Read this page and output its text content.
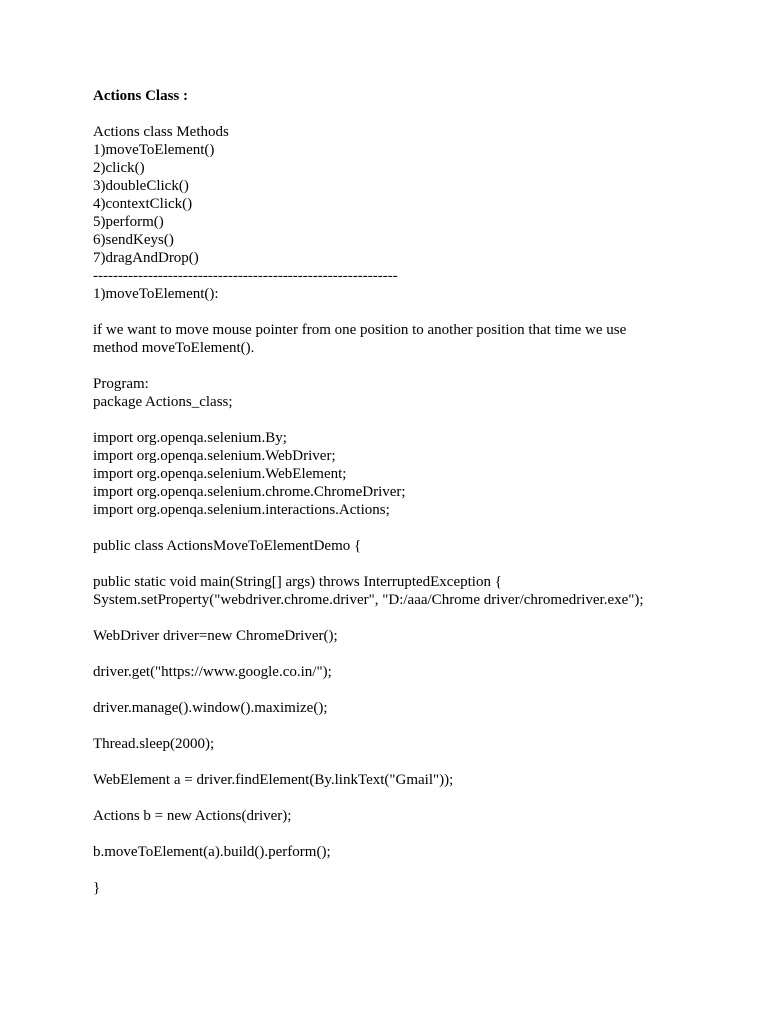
Actions Class :
Actions class Methods
1)moveToElement()
2)click()
3)doubleClick()
4)contextClick()
5)perform()
6)sendKeys()
7)dragAndDrop()
-------------------------------------------------------------
1)moveToElement():
if we want to move mouse pointer from one position to another position that time we use
method moveToElement().
Program:
package Actions_class;
import org.openqa.selenium.By;
import org.openqa.selenium.WebDriver;
import org.openqa.selenium.WebElement;
import org.openqa.selenium.chrome.ChromeDriver;
import org.openqa.selenium.interactions.Actions;
public class ActionsMoveToElementDemo {
public static void main(String[] args) throws InterruptedException {
System.setProperty("webdriver.chrome.driver", "D:/aaa/Chrome driver/chromedriver.exe");
WebDriver driver=new ChromeDriver();
driver.get("https://www.google.co.in/");
driver.manage().window().maximize();
Thread.sleep(2000);
WebElement a = driver.findElement(By.linkText("Gmail"));
Actions b = new Actions(driver);
b.moveToElement(a).build().perform();
}
